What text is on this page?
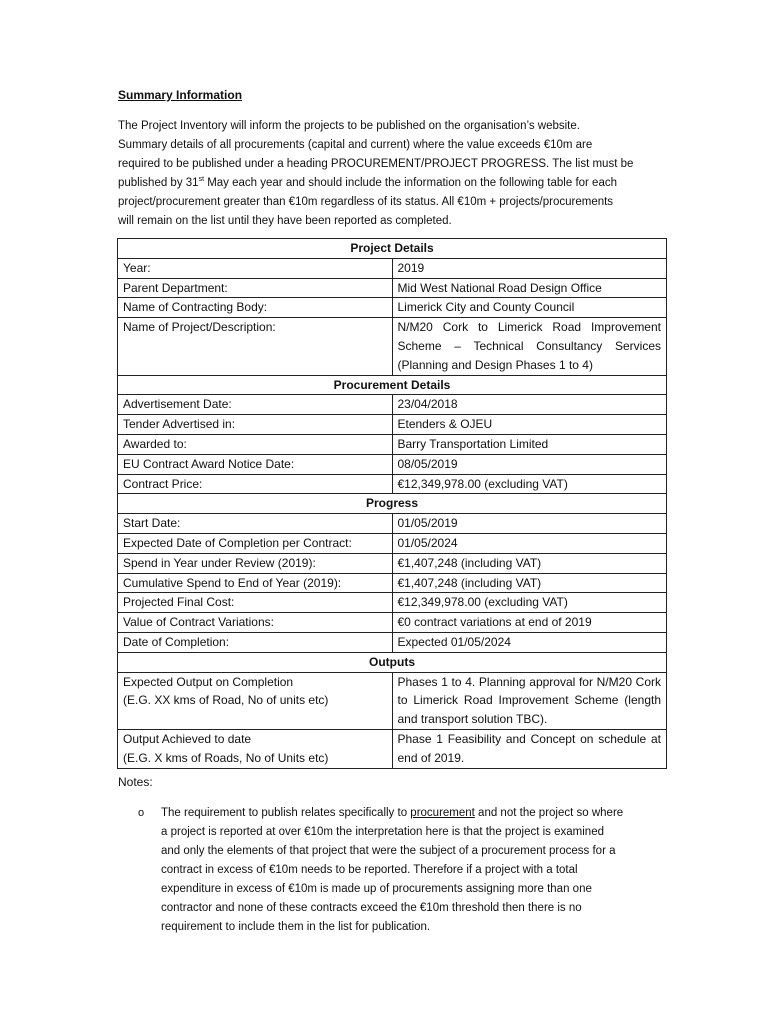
Summary Information
The Project Inventory will inform the projects to be published on the organisation’s website.
Summary details of all procurements (capital and current) where the value exceeds €10m are
required to be published under a heading PROCUREMENT/PROJECT PROGRESS. The list must be
published by 31st May each year and should include the information on the following table for each
project/procurement greater than €10m regardless of its status. All €10m + projects/procurements
will remain on the list until they have been reported as completed.
Project Details	
Year:	2019
Parent Department:	Mid West National Road Design Office
Name of Contracting Body:	Limerick City and County Council
Name of Project/Description:	N/M20 Cork to Limerick Road Improvement Scheme – Technical Consultancy Services (Planning and Design Phases 1 to 4)
Procurement Details	
Advertisement Date:	23/04/2018
Tender Advertised in:	Etenders & OJEU
Awarded to:	Barry Transportation Limited
EU Contract Award Notice Date:	08/05/2019
Contract Price:	€12,349,978.00 (excluding VAT)
Progress	
Start Date:	01/05/2019
Expected Date of Completion per Contract:	01/05/2024
Spend in Year under Review (2019):	€1,407,248 (including VAT)
Cumulative Spend to End of Year (2019):	€1,407,248 (including VAT)
Projected Final Cost:	€12,349,978.00 (excluding VAT)
Value of Contract Variations:	€0 contract variations at end of 2019
Date of Completion:	Expected 01/05/2024
Outputs	

Expected Output on Completion
(E.G. XX kms of Road, No of units etc)	Phases 1 to 4. Planning approval for N/M20 Cork to Limerick Road Improvement Scheme (length and transport solution TBC).

Output Achieved to date
(E.G. X kms of Roads, No of Units etc)	Phase 1 Feasibility and Concept on schedule at end of 2019.
Notes:
o The requirement to publish relates specifically to procurement and not the project so where
a project is reported at over €10m the interpretation here is that the project is examined
and only the elements of that project that were the subject of a procurement process for a
contract in excess of €10m needs to be reported. Therefore if a project with a total
expenditure in excess of €10m is made up of procurements assigning more than one
contractor and none of these contracts exceed the €10m threshold then there is no
requirement to include them in the list for publication.
